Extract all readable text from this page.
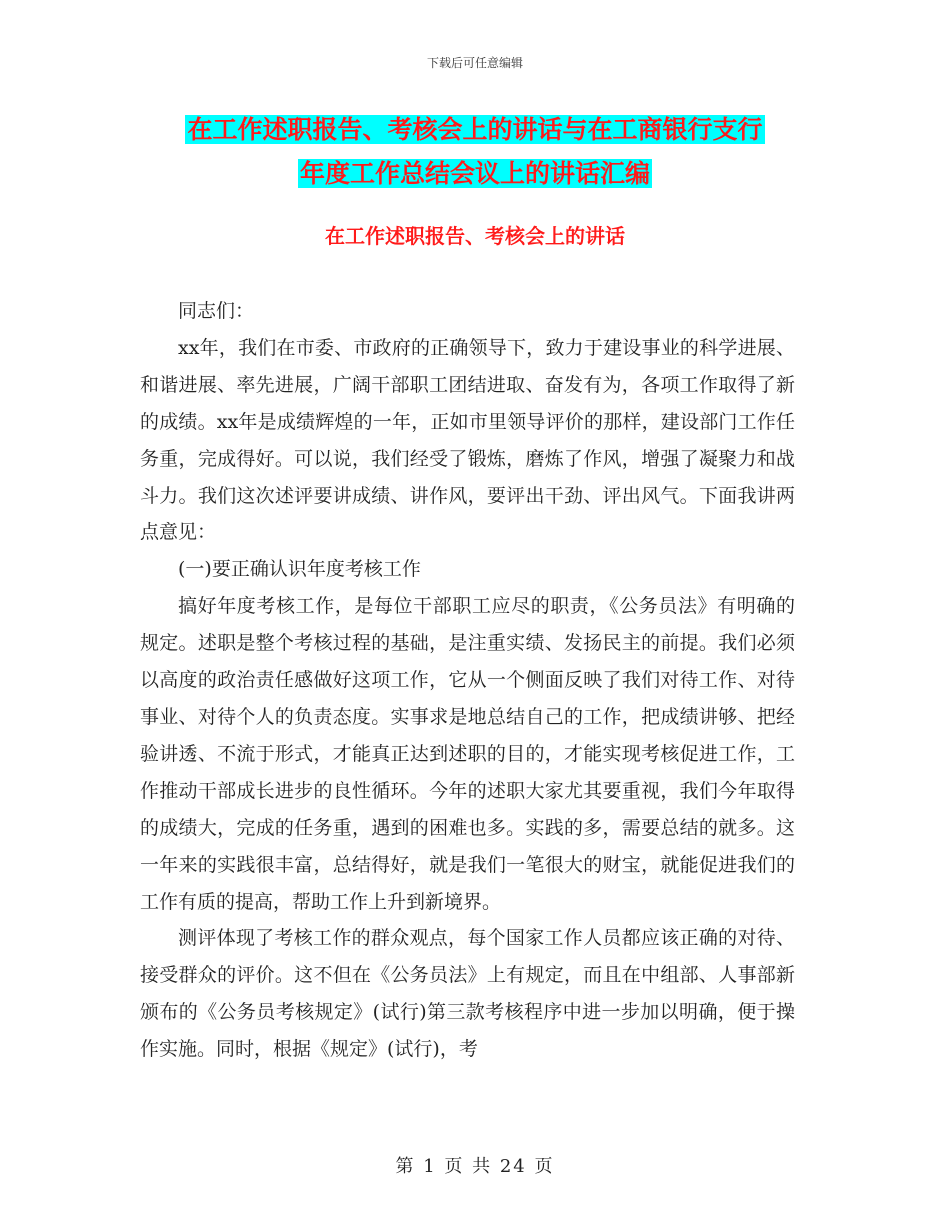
下载后可任意编辑
在工作述职报告、考核会上的讲话与在工商银行支行
年度工作总结会议上的讲话汇编
在工作述职报告、考核会上的讲话

同志们：

xx年，我们在市委、市政府的正确领导下，致力于建设事业的科学进展、和谐进展、率先进展，广阔干部职工团结进取、奋发有为，各项工作取得了新的成绩。xx年是成绩辉煌的一年，正如市里领导评价的那样，建设部门工作任务重，完成得好。可以说，我们经受了锻炼，磨炼了作风，增强了凝聚力和战斗力。我们这次述评要讲成绩、讲作风，要评出干劲、评出风气。下面我讲两点意见：

(一)要正确认识年度考核工作

搞好年度考核工作，是每位干部职工应尽的职责，《公务员法》有明确的规定。述职是整个考核过程的基础，是注重实绩、发扬民主的前提。我们必须以高度的政治责任感做好这项工作，它从一个侧面反映了我们对待工作、对待事业、对待个人的负责态度。实事求是地总结自己的工作，把成绩讲够、把经验讲透、不流于形式，才能真正达到述职的目的，才能实现考核促进工作，工作推动干部成长进步的良性循环。今年的述职大家尤其要重视，我们今年取得的成绩大，完成的任务重，遇到的困难也多。实践的多，需要总结的就多。这一年来的实践很丰富，总结得好，就是我们一笔很大的财宝，就能促进我们的工作有质的提高，帮助工作上升到新境界。

测评体现了考核工作的群众观点，每个国家工作人员都应该正确的对待、接受群众的评价。这不但在《公务员法》上有规定，而且在中组部、人事部新颁布的《公务员考核规定》(试行)第三款考核程序中进一步加以明确，便于操作实施。同时，根据《规定》(试行)，考

第 1 页 共 24 页
